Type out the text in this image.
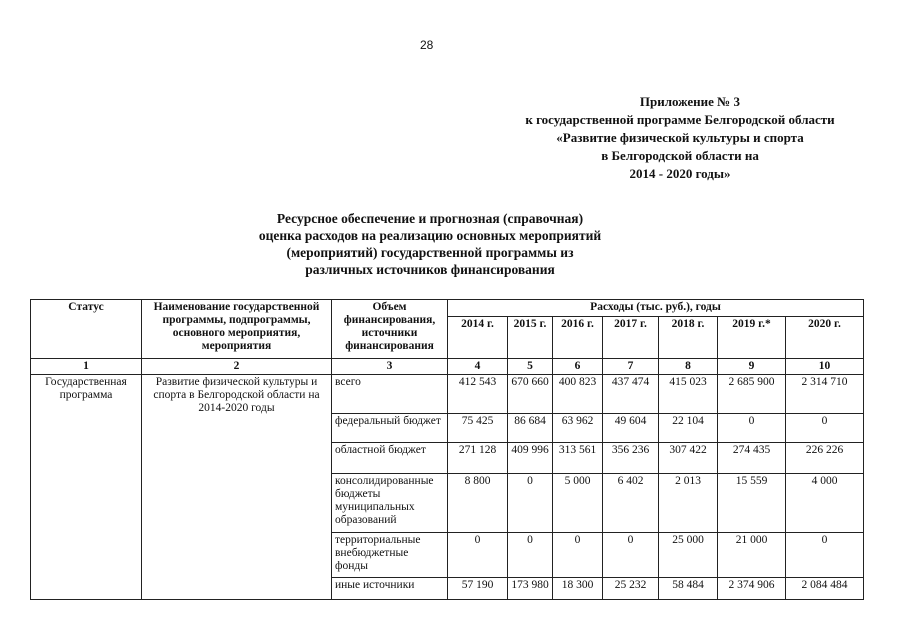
28
Приложение № 3
к государственной программе Белгородской области
«Развитие физической культуры и спорта
в Белгородской области на
2014 - 2020 годы»
Ресурсное обеспечение и прогнозная (справочная)
оценка расходов на реализацию основных мероприятий
(мероприятий) государственной программы из
различных источников финансирования
Статус	Наименование государственной программы, подпрограммы, основного мероприятия, мероприятия	Объем финансирования, источники финансирования	Расходы (тыс. руб.), годы						
			2014 г.	2015 г.	2016 г.	2017 г.	2018 г.	2019 г.*	2020 г.
1	2	3	4	5	6	7	8	9	10
Государственная программа	Развитие физической культуры и спорта в Белгородской области на 2014-2020 годы	всего	412 543	670 660	400 823	437 474	415 023	2 685 900	2 314 710
		федеральный бюджет	75 425	86 684	63 962	49 604	22 104	0	0
		областной бюджет	271 128	409 996	313 561	356 236	307 422	274 435	226 226
		консолидированные бюджеты муниципальных образований	8 800	0	5 000	6 402	2 013	15 559	4 000
		территориальные внебюджетные фонды	0	0	0	0	25 000	21 000	0
		иные источники	57 190	173 980	18 300	25 232	58 484	2 374 906	2 084 484
